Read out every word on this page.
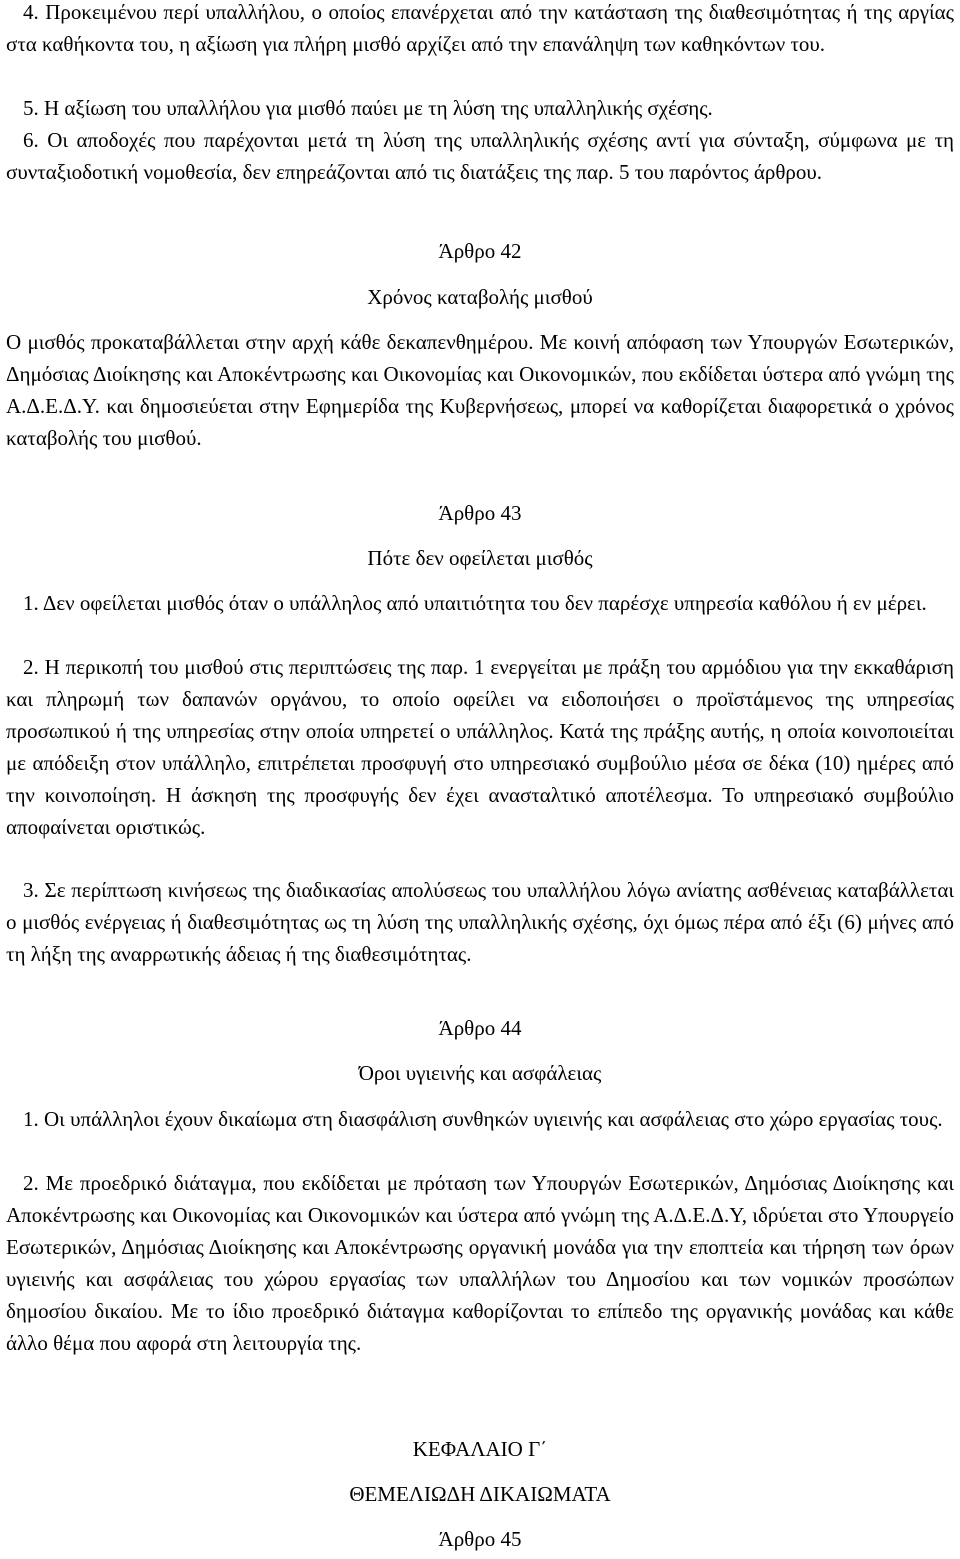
4. Προκειμένου περί υπαλλήλου, ο οποίος επανέρχεται από την κατάσταση της διαθεσιμότητας ή της αργίας στα καθήκοντα του, η αξίωση για πλήρη μισθό αρχίζει από την επανάληψη των καθηκόντων του.

5. Η αξίωση του υπαλλήλου για μισθό παύει με τη λύση της υπαλληλικής σχέσης.

6. Οι αποδοχές που παρέχονται μετά τη λύση της υπαλληλικής σχέσης αντί για σύνταξη, σύμφωνα με τη συνταξιοδοτική νομοθεσία, δεν επηρεάζονται από τις διατάξεις της παρ. 5 του παρόντος άρθρου.

Άρθρο 42

Χρόνος καταβολής μισθού

Ο μισθός προκαταβάλλεται στην αρχή κάθε δεκαπενθημέρου. Με κοινή απόφαση των Υπουργών Εσωτερικών, Δημόσιας Διοίκησης και Αποκέντρωσης και Οικονομίας και Οικονομικών, που εκδίδεται ύστερα από γνώμη της Α.Δ.Ε.Δ.Υ. και δημοσιεύεται στην Εφημερίδα της Κυβερνήσεως, μπορεί να καθορίζεται διαφορετικά ο χρόνος καταβολής του μισθού.

Άρθρο 43

Πότε δεν οφείλεται μισθός

1. Δεν οφείλεται μισθός όταν ο υπάλληλος από υπαιτιότητα του δεν παρέσχε υπηρεσία καθόλου ή εν μέρει.

2. Η περικοπή του μισθού στις περιπτώσεις της παρ. 1 ενεργείται με πράξη του αρμόδιου για την εκκαθάριση και πληρωμή των δαπανών οργάνου, το οποίο οφείλει να ειδοποιήσει ο προϊστάμενος της υπηρεσίας προσωπικού ή της υπηρεσίας στην οποία υπηρετεί ο υπάλληλος. Κατά της πράξης αυτής, η οποία κοινοποιείται με απόδειξη στον υπάλληλο, επιτρέπεται προσφυγή στο υπηρεσιακό συμβούλιο μέσα σε δέκα (10) ημέρες από την κοινοποίηση. Η άσκηση της προσφυγής δεν έχει ανασταλτικό αποτέλεσμα. Το υπηρεσιακό συμβούλιο αποφαίνεται οριστικώς.

3. Σε περίπτωση κινήσεως της διαδικασίας απολύσεως του υπαλλήλου λόγω ανίατης ασθένειας καταβάλλεται ο μισθός ενέργειας ή διαθεσιμότητας ως τη λύση της υπαλληλικής σχέσης, όχι όμως πέρα από έξι (6) μήνες από τη λήξη της αναρρωτικής άδειας ή της διαθεσιμότητας.

Άρθρο 44

Όροι υγιεινής και ασφάλειας

1. Οι υπάλληλοι έχουν δικαίωμα στη διασφάλιση συνθηκών υγιεινής και ασφάλειας στο χώρο εργασίας τους.

2. Με προεδρικό διάταγμα, που εκδίδεται με πρόταση των Υπουργών Εσωτερικών, Δημόσιας Διοίκησης και Αποκέντρωσης και Οικονομίας και Οικονομικών και ύστερα από γνώμη της Α.Δ.Ε.Δ.Υ, ιδρύεται στο Υπουργείο Εσωτερικών, Δημόσιας Διοίκησης και Αποκέντρωσης οργανική μονάδα για την εποπτεία και τήρηση των όρων υγιεινής και ασφάλειας του χώρου εργασίας των υπαλλήλων του Δημοσίου και των νομικών προσώπων δημοσίου δικαίου. Με το ίδιο προεδρικό διάταγμα καθορίζονται το επίπεδο της οργανικής μονάδας και κάθε άλλο θέμα που αφορά στη λειτουργία της.

ΚΕΦΑΛΑΙΟ Γ΄

ΘΕΜΕΛΙΩΔΗ ΔΙΚΑΙΩΜΑΤΑ

Άρθρο 45
